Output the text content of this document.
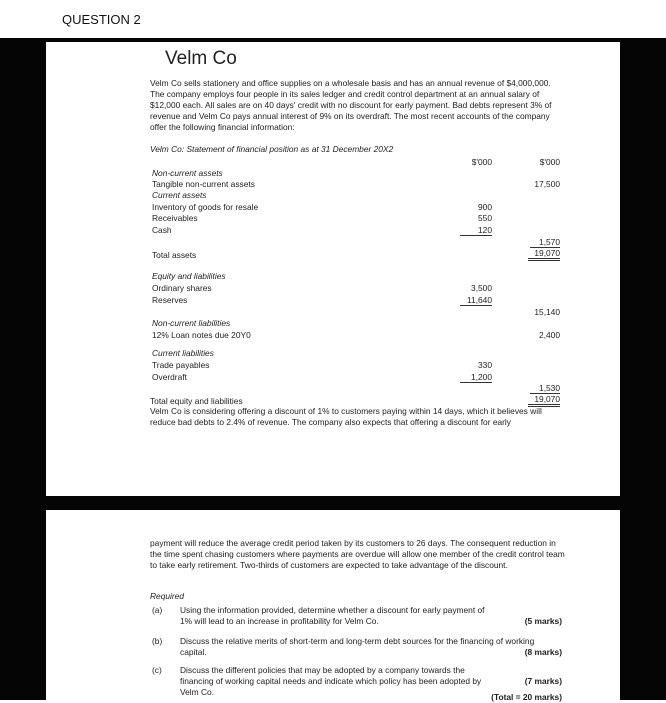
QUESTION 2
Velm Co

Velm Co sells stationery and office supplies on a wholesale basis and has an annual revenue of $4,000,000. The company employs four people in its sales ledger and credit control department at an annual salary of $12,000 each. All sales are on 40 days' credit with no discount for early payment. Bad debts represent 3% of revenue and Velm Co pays annual interest of 9% on its overdraft. The most recent accounts of the company offer the following financial information:

Velm Co: Statement of financial position as at 31 December 20X2
$'000	$'000
Non-current assets
Tangible non-current assets	17,500
Current assets
Inventory of goods for resale	900
Receivables	550
Cash	120
1,570
Total assets	19,070
Equity and liabilities
Ordinary shares	3,500
Reserves	11,640
15,140
Non-current liabilities
12% Loan notes due 20Y0	2,400
Current liabilities
Trade payables	330
Overdraft	1,200
1,530
Total equity and liabilities	19,070

Velm Co is considering offering a discount of 1% to customers paying within 14 days, which it believes will reduce bad debts to 2.4% of revenue. The company also expects that offering a discount for early

payment will reduce the average credit period taken by its customers to 26 days. The consequent reduction in the time spent chasing customers where payments are overdue will allow one member of the credit control team to take early retirement. Two-thirds of customers are expected to take advantage of the discount.

Required
(a) Using the information provided, determine whether a discount for early payment of 1% will lead to an increase in profitability for Velm Co.	(5 marks)
(b) Discuss the relative merits of short-term and long-term debt sources for the financing of working capital.	(8 marks)
(c) Discuss the different policies that may be adopted by a company towards the financing of working capital needs and indicate which policy has been adopted by Velm Co.
(7 marks)
(Total = 20 marks)
